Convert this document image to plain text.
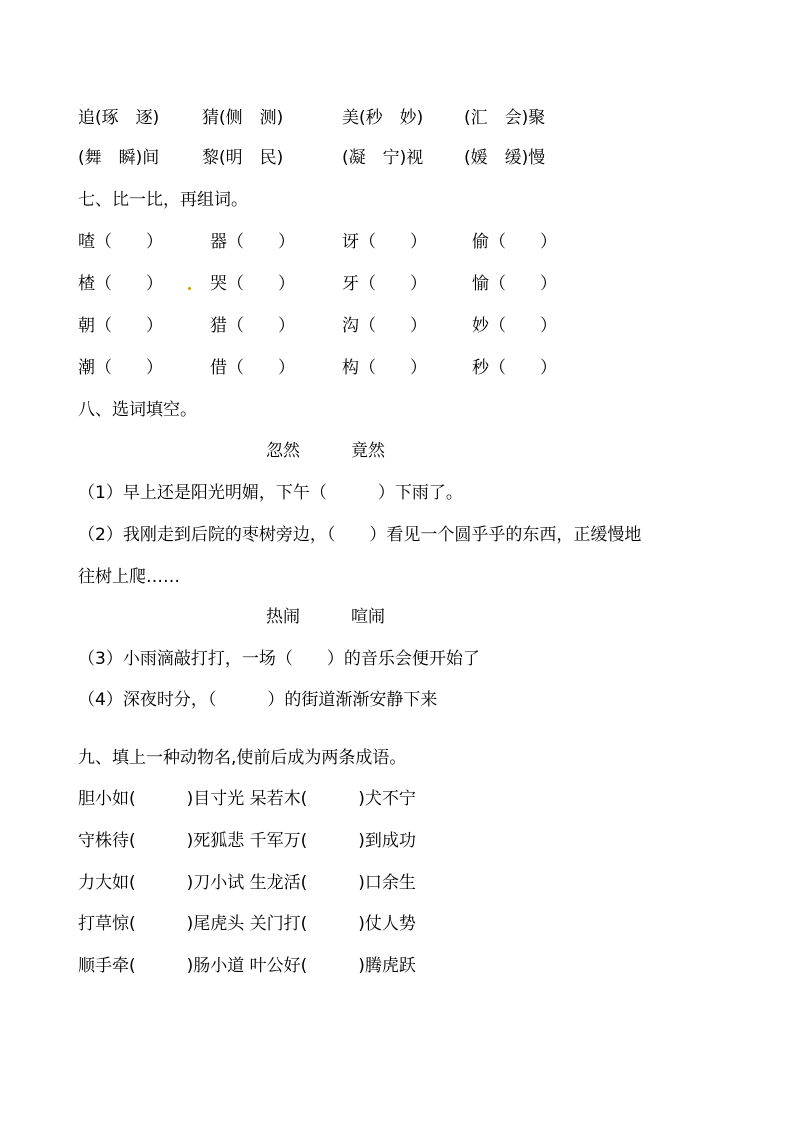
追(琢　逐)	猜(侧　测)	美(秒　妙) (汇　会)聚
(舞　瞬)间	黎(明　民)	(凝　宁)视 (媛　缓)慢
七、比一比，再组词。
喳（　　）	器（　　）	讶（　　）	偷（　　）
楂（　　）	哭（　　）	牙（　　）	愉（　　）
朝（　　）	猎（　　）	沟（　　）	妙（　　）
潮（　　）	借（　　）	构（　　）	秒（　　）
八、选词填空。
忽然　　　竟然
（1）早上还是阳光明媚，下午（　　　）下雨了。
（2）我刚走到后院的枣树旁边，（　　）看见一个圆乎乎的东西，正缓慢地
往树上爬……
热闹　　　喧闹
（3）小雨滴敲打打，一场（　　）的音乐会便开始了
（4）深夜时分，（　　　）的街道渐渐安静下来
九、填上一种动物名,使前后成为两条成语。
胆小如(　　　)目寸光 呆若木(　　　)犬不宁
守株待(　　　)死狐悲 千军万(　　　)到成功
力大如(　　　)刀小试 生龙活(　　　)口余生
打草惊(　　　)尾虎头 关门打(　　　)仗人势
顺手牵(　　　)肠小道 叶公好(　　　)腾虎跃
